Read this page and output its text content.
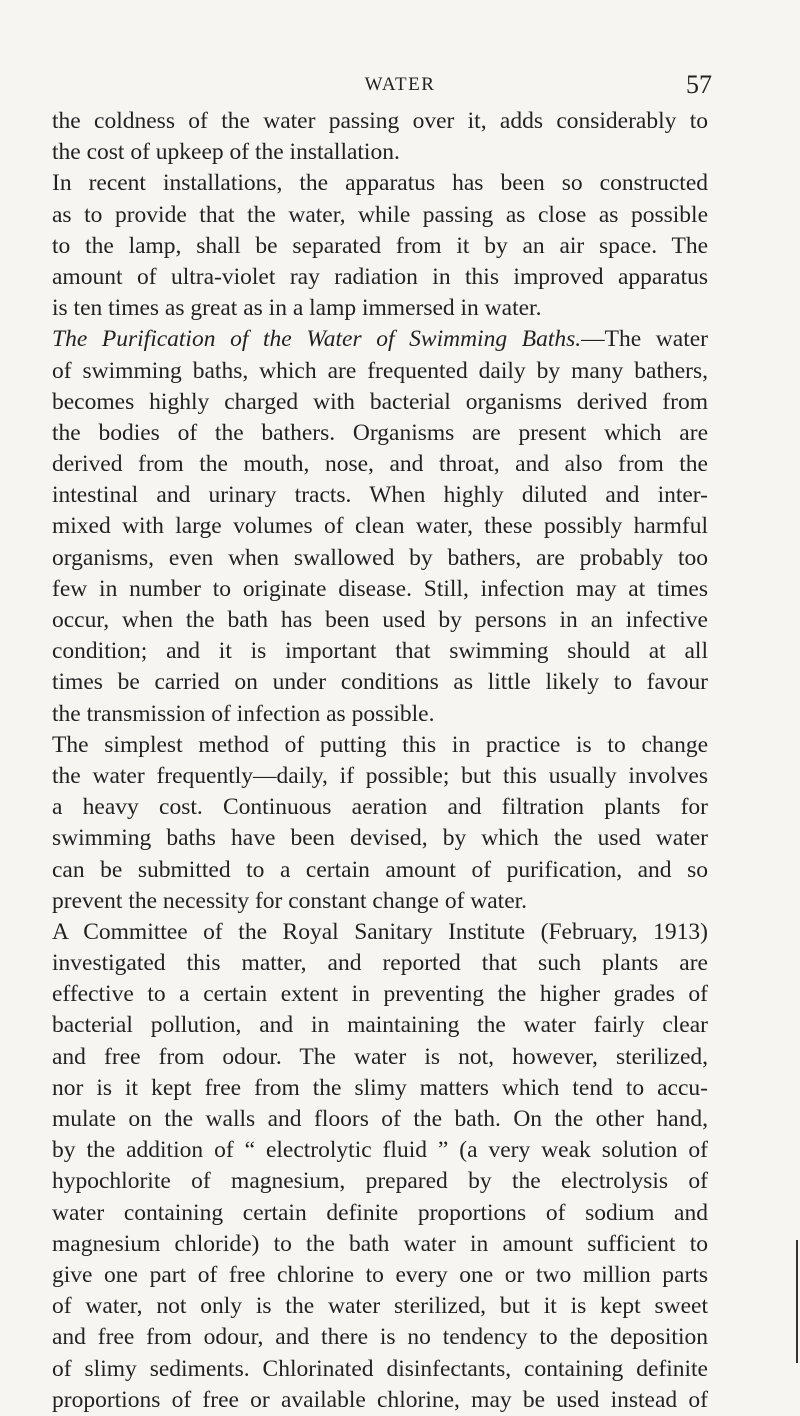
WATER	57
the coldness of the water passing over it, adds considerably to
the cost of upkeep of the installation.
In recent installations, the apparatus has been so constructed
as to provide that the water, while passing as close as possible
to the lamp, shall be separated from it by an air space. The
amount of ultra-violet ray radiation in this improved apparatus
is ten times as great as in a lamp immersed in water.
The Purification of the Water of Swimming Baths.—The water
of swimming baths, which are frequented daily by many bathers,
becomes highly charged with bacterial organisms derived from
the bodies of the bathers. Organisms are present which are
derived from the mouth, nose, and throat, and also from the
intestinal and urinary tracts. When highly diluted and inter-
mixed with large volumes of clean water, these possibly harmful
organisms, even when swallowed by bathers, are probably too
few in number to originate disease. Still, infection may at times
occur, when the bath has been used by persons in an infective
condition; and it is important that swimming should at all
times be carried on under conditions as little likely to favour
the transmission of infection as possible.
The simplest method of putting this in practice is to change
the water frequently—daily, if possible; but this usually involves
a heavy cost. Continuous aeration and filtration plants for
swimming baths have been devised, by which the used water
can be submitted to a certain amount of purification, and so
prevent the necessity for constant change of water.
A Committee of the Royal Sanitary Institute (February, 1913)
investigated this matter, and reported that such plants are
effective to a certain extent in preventing the higher grades of
bacterial pollution, and in maintaining the water fairly clear
and free from odour. The water is not, however, sterilized,
nor is it kept free from the slimy matters which tend to accu-
mulate on the walls and floors of the bath. On the other hand,
by the addition of “ electrolytic fluid ” (a very weak solution of
hypochlorite of magnesium, prepared by the electrolysis of
water containing certain definite proportions of sodium and
magnesium chloride) to the bath water in amount sufficient to
give one part of free chlorine to every one or two million parts
of water, not only is the water sterilized, but it is kept sweet
and free from odour, and there is no tendency to the deposition
of slimy sediments. Chlorinated disinfectants, containing definite
proportions of free or available chlorine, may be used instead of
